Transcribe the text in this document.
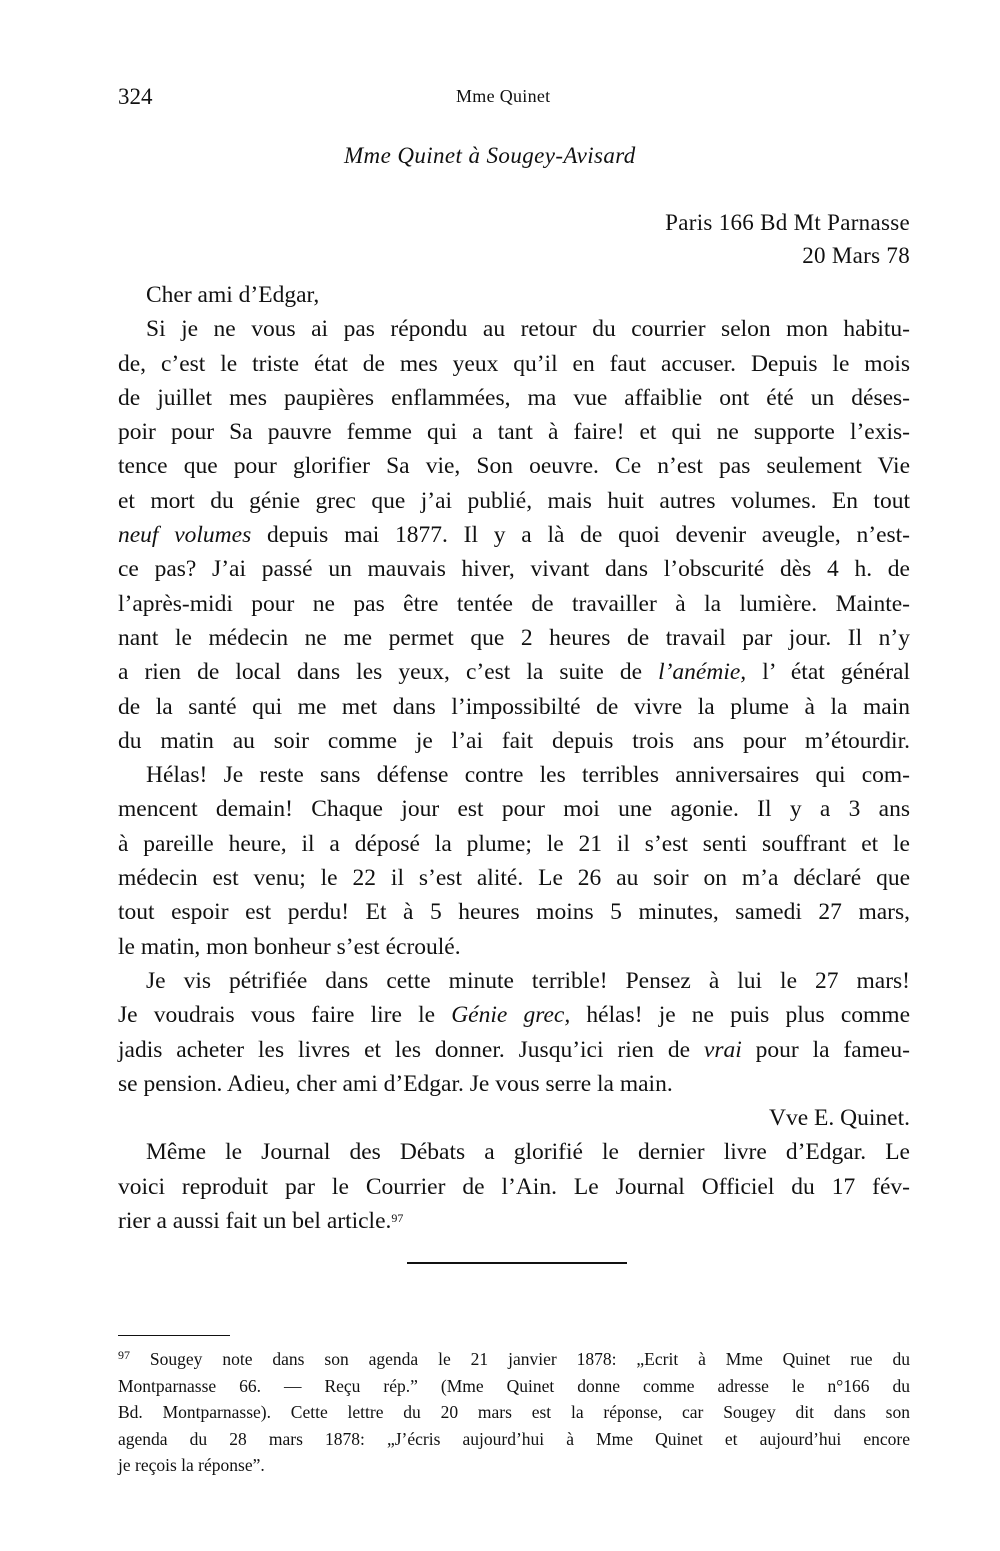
324	Mme Quinet
Mme Quinet à Sougey-Avisard
Paris 166 Bd Mt Parnasse
20 Mars 78
Cher ami d’Edgar,
Si je ne vous ai pas répondu au retour du courrier selon mon habitu-
de, c’est le triste état de mes yeux qu’il en faut accuser. Depuis le mois
de juillet mes paupières enflammées, ma vue affaiblie ont été un déses-
poir pour Sa pauvre femme qui a tant à faire! et qui ne supporte l’exis-
tence que pour glorifier Sa vie, Son oeuvre. Ce n’est pas seulement Vie
et mort du génie grec que j’ai publié, mais huit autres volumes. En tout
neuf volumes depuis mai 1877. Il y a là de quoi devenir aveugle, n’est-
ce pas? J’ai passé un mauvais hiver, vivant dans l’obscurité dès 4 h. de
l’après-midi pour ne pas être tentée de travailler à la lumière. Mainte-
nant le médecin ne me permet que 2 heures de travail par jour. Il n’y
a rien de local dans les yeux, c’est la suite de l’anémie, l’ état général
de la santé qui me met dans l’impossibilté de vivre la plume à la main
du matin au soir comme je l’ai fait depuis trois ans pour m’étourdir.
Hélas! Je reste sans défense contre les terribles anniversaires qui com-
mencent demain! Chaque jour est pour moi une agonie. Il y a 3 ans
à pareille heure, il a déposé la plume; le 21 il s’est senti souffrant et le
médecin est venu; le 22 il s’est alité. Le 26 au soir on m’a déclaré que
tout espoir est perdu! Et à 5 heures moins 5 minutes, samedi 27 mars,
le matin, mon bonheur s’est écroulé.
Je vis pétrifiée dans cette minute terrible! Pensez à lui le 27 mars!
Je voudrais vous faire lire le Génie grec, hélas! je ne puis plus comme
jadis acheter les livres et les donner. Jusqu’ici rien de vrai pour la fameu-
se pension. Adieu, cher ami d’Edgar. Je vous serre la main.
Vve E. Quinet.
Même le Journal des Débats a glorifié le dernier livre d’Edgar. Le
voici reproduit par le Courrier de l’Ain. Le Journal Officiel du 17 fév-
rier a aussi fait un bel article.$^{97}$
$^{97}$ Sougey note dans son agenda le 21 janvier 1878: „Ecrit à Mme Quinet rue du
Montparnasse 66. — Reçu rép.” (Mme Quinet donne comme adresse le n°166 du
Bd. Montparnasse). Cette lettre du 20 mars est la réponse, car Sougey dit dans son
agenda du 28 mars 1878: „J’écris aujourd’hui à Mme Quinet et aujourd’hui encore
je reçois la réponse”.
